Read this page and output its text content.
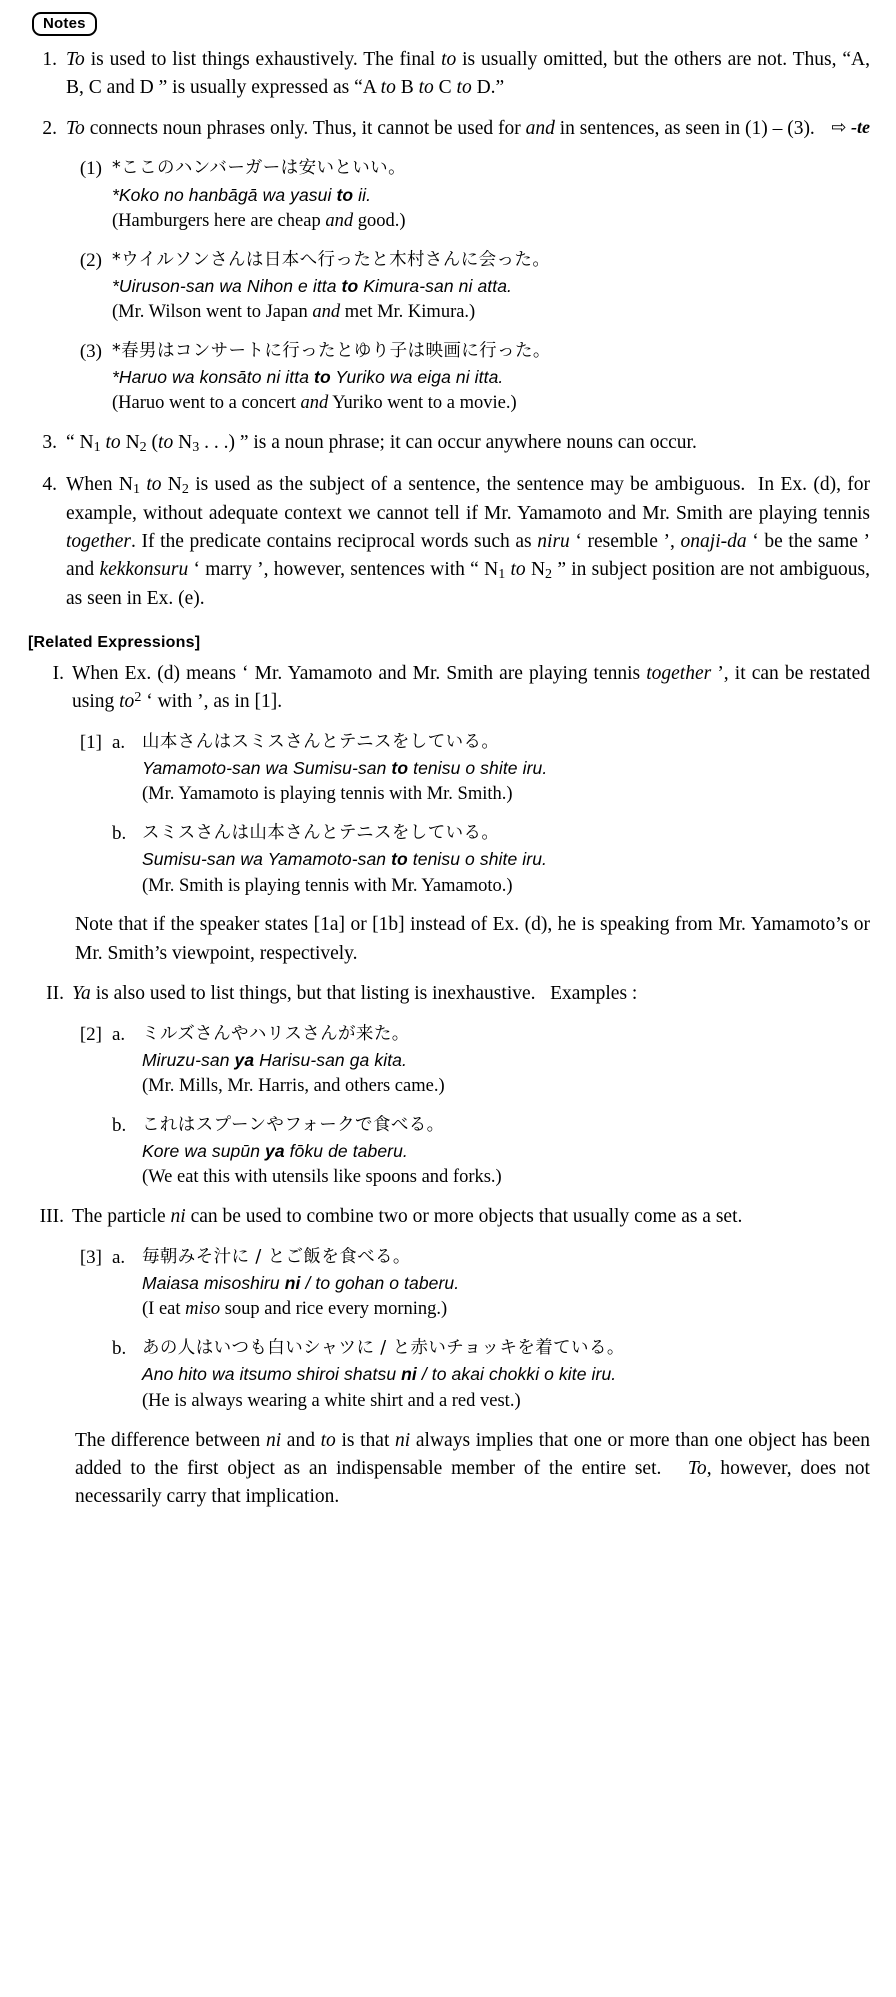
Notes
1. To is used to list things exhaustively. The final to is usually omitted, but the others are not. Thus, “A, B, C and D ” is usually expressed as “A to B to C to D.”
2.	⇨ -te
To connects noun phrases only. Thus, it cannot be used for and in sentences, as seen in (1) – (3).
(1) *ここのハンバーガーは安いといい。
*Koko no hanbāgā wa yasui to ii.
(Hamburgers here are cheap and good.)
(2) *ウイルソンさんは日本へ行ったと木村さんに会った。
*Uiruson-san wa Nihon e itta to Kimura-san ni atta.
(Mr. Wilson went to Japan and met Mr. Kimura.)
(3) *春男はコンサートに行ったとゆり子は映画に行った。
*Haruo wa konsāto ni itta to Yuriko wa eiga ni itta.
(Haruo went to a concert and Yuriko went to a movie.)
3. “ $N_1$ to $N_2$ (to $N_3$ . . .) ” is a noun phrase; it can occur anywhere nouns can occur.
4. When $N_1$ to $N_2$ is used as the subject of a sentence, the sentence may be ambiguous.  In Ex. (d), for example, without adequate context we cannot tell if Mr. Yamamoto and Mr. Smith are playing tennis together. If the predicate contains reciprocal words such as niru ‘ resemble ’, onaji-da ‘ be the same ’ and kekkonsuru ‘ marry ’, however, sentences with “ $N_1$ to $N_2$ ” in subject position are not ambiguous, as seen in Ex. (e).
[Related Expressions]
I. When Ex. (d) means ‘ Mr. Yamamoto and Mr. Smith are playing tennis together ’, it can be restated using $to^2$ ‘ with ’, as in [1].
[1] a. 山本さんはスミスさんとテニスをしている。
Yamamoto-san wa Sumisu-san to tenisu o shite iru.
(Mr. Yamamoto is playing tennis with Mr. Smith.)
b. スミスさんは山本さんとテニスをしている。
Sumisu-san wa Yamamoto-san to tenisu o shite iru.
(Mr. Smith is playing tennis with Mr. Yamamoto.)
Note that if the speaker states [1a] or [1b] instead of Ex. (d), he is speaking from Mr. Yamamoto’s or Mr. Smith’s viewpoint, respectively.
II. Ya is also used to list things, but that listing is inexhaustive.   Examples :
[2] a. ミルズさんやハリスさんが来た。
Miruzu-san ya Harisu-san ga kita.
(Mr. Mills, Mr. Harris, and others came.)
b. これはスプーンやフォークで食べる。
Kore wa supūn ya fōku de taberu.
(We eat this with utensils like spoons and forks.)
III. The particle ni can be used to combine two or more objects that usually come as a set.
[3] a. 毎朝みそ汁に / とご飯を食べる。
Maiasa misoshiru ni / to gohan o taberu.
(I eat miso soup and rice every morning.)
b. あの人はいつも白いシャツに / と赤いチョッキを着ている。
Ano hito wa itsumo shiroi shatsu ni / to akai chokki o kite iru.
(He is always wearing a white shirt and a red vest.)
The difference between ni and to is that ni always implies that one or more than one object has been added to the first object as an indispensable member of the entire set.   To, however, does not necessarily carry that implication.
